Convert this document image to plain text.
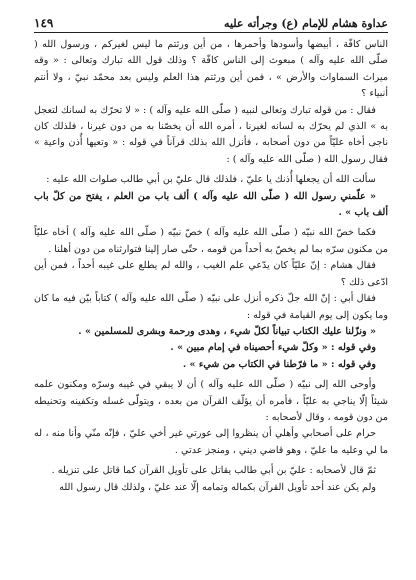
عداوة هشام للإمام (ع) وجرأته عليه
١٤٩

الناس كافّة ، أبيضها وأسودها وأحمرها ، من أين ورثتم ما ليس لغيركم ، ورسول الله ( صلّى الله عليه وآله ) مبعوث إلى الناس كافّة ؟ وذلك قول الله تبارك وتعالى : « وقه ميراث السماوات والأرض » ، فمن أين ورثتم هذا العلم وليس بعد محمّد نبيّ ، ولا أنتم أنبياء ؟

فقال : من قوله تبارك وتعالى لنبيه ( صلّى الله عليه وآله ) : « لا تحرّك به لسانك لتعجل به » الذي لم يحرّك به لسانه لغيرنا ، أمره الله أن يخصّنا به من دون غيرنا ، فلذلك كان ناجى أخاه عليّاً من دون أصحابه ، فأنزل الله بذلك قرآناً في قوله : « وتعيها أُذن واعية » فقال رسول الله ( صلّى الله عليه وآله ) :

سألت الله أن يجعلها أُذنك يا عليّ ، فلذلك قال عليّ بن أبي طالب صلوات الله عليه :

« علّمني رسول الله ( صلّى الله عليه وآله ) ألف باب من العلم ، يفتح من كلّ باب ألف باب » .

فكما خصّ الله نبيّه ( صلّى الله عليه وآله ) خصّ نبيّه ( صلّى الله عليه وآله ) أخاه عليّاً من مكنون سرّه بما لم يخصّ به أحداً من قومه ، حتّى صار إلينا فتوارثناه من دون أهلنا .

فقال هشام : إنّ عليّاً كان يدّعي علم الغيب ، والله لم يطلع على غيبه أحداً ، فمن أين ادّعى ذلك ؟

فقال أبي : إنّ الله جلّ ذكره أنزل على نبيّه ( صلّى الله عليه وآله ) كتاباً بيّن فيه ما كان وما يكون إلى يوم القيامة في قوله :

« ونزّلنا عليك الكتاب تبياناً لكلّ شيء ، وهدى ورحمة وبشرى للمسلمين » .

وفي قوله : « وكلّ شيء أحصيناه في إمام مبين » .

وفي قوله : « ما فرّطنا في الكتاب من شيء » .

وأوحى الله إلى نبيّه ( صلّى الله عليه وآله ) أن لا يبقي في غيبه وسرّه ومكنون علمه شيئاً إلّا يناجي به عليّاً ، فأمره أن يؤلّف القرآن من بعده ، ويتولّى غسله وتكفينه وتحنيطه من دون قومه ، وقال لأصحابه :

حرام على أصحابي وأهلي أن ينظروا إلى عورتي غير أخي عليّ ، فإنّه منّي وأنا منه ، له ما لي وعليه ما عليّ ، وهو قاضي ديني ، ومنجز عدتي .

ثمّ قال لأصحابه : عليّ بن أبي طالب يقاتل على تأويل القرآن كما قاتل على تنزيله .

ولم يكن عند أحد تأويل القرآن بكماله وتمامه إلّا عند عليّ ، ولذلك قال رسول الله
